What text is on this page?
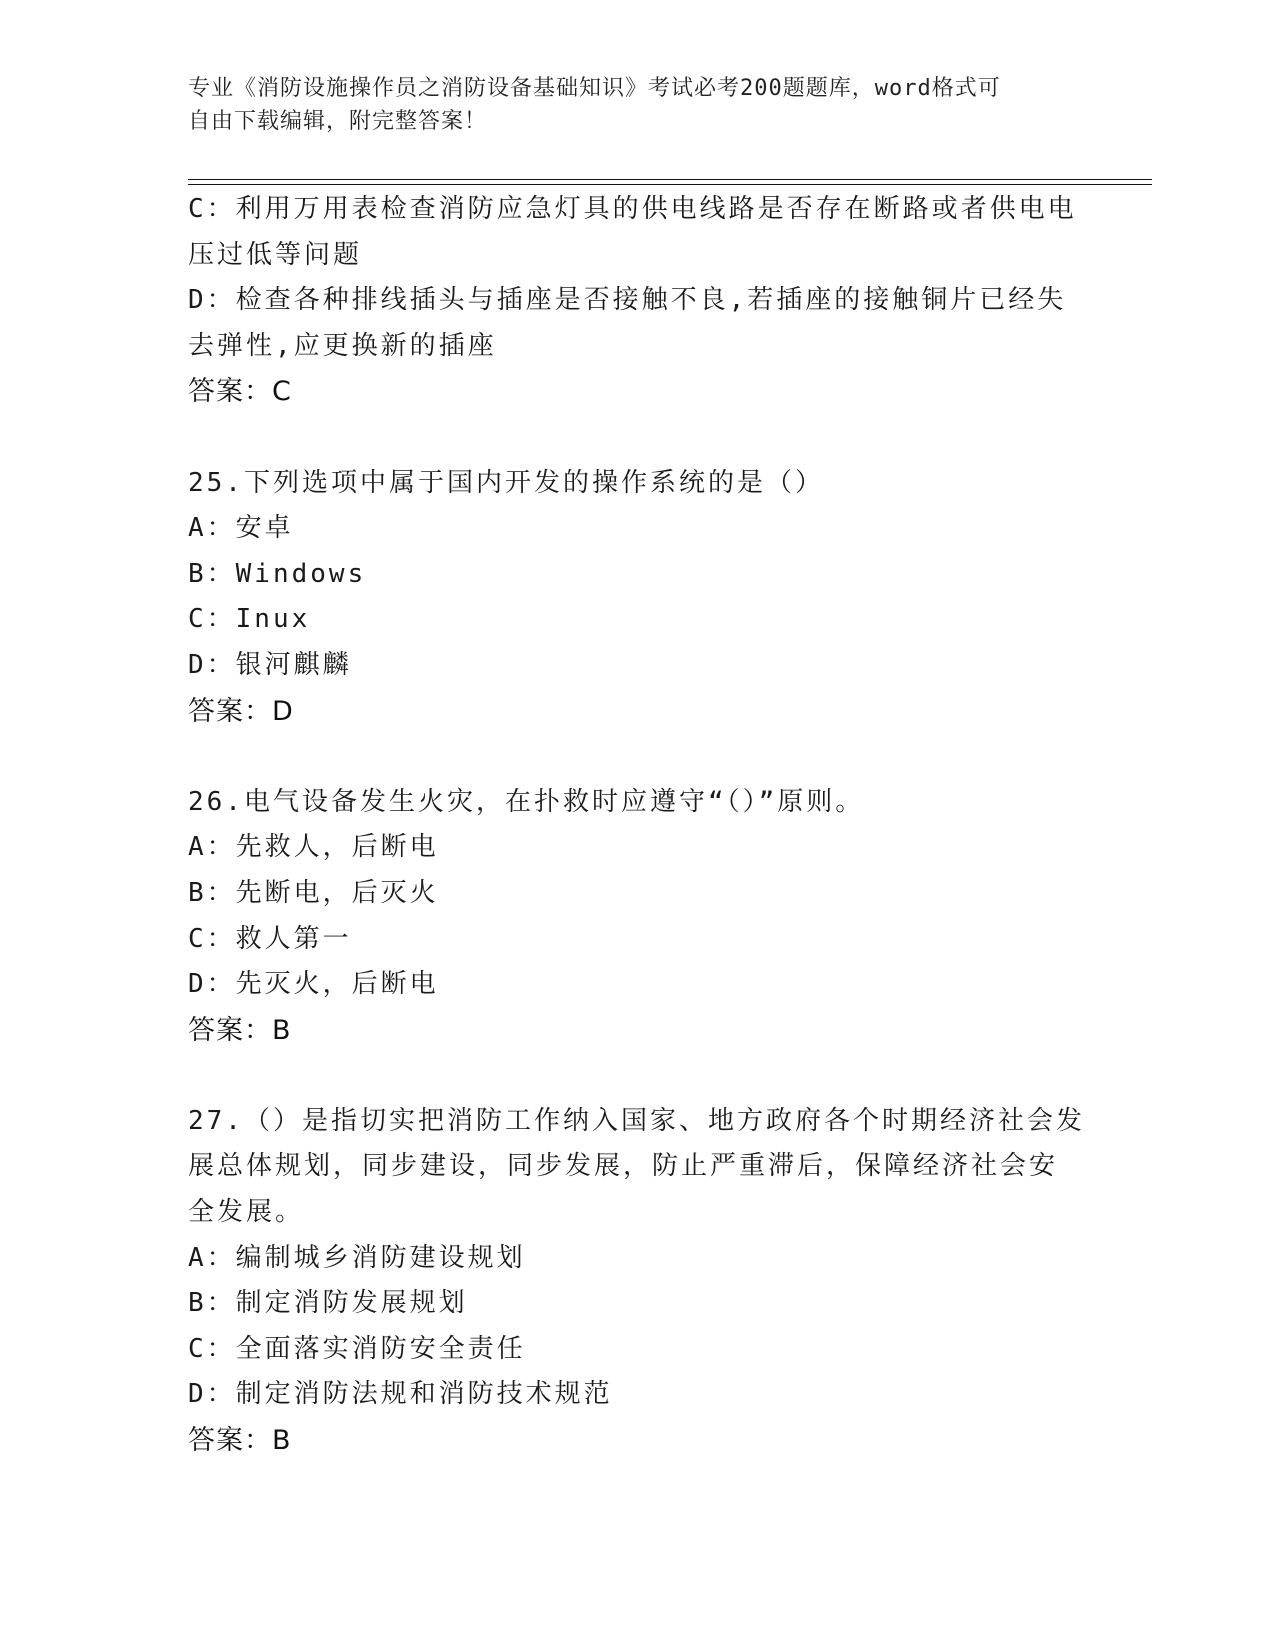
专业《消防设施操作员之消防设备基础知识》考试必考200题题库，word格式可
自由下载编辑，附完整答案！
C：利用万用表检查消防应急灯具的供电线路是否存在断路或者供电电
压过低等问题
D：检查各种排线插头与插座是否接触不良,若插座的接触铜片已经失
去弹性,应更换新的插座
答案：C
25.下列选项中属于国内开发的操作系统的是（）
A：安卓
B：Windows
C：Inux
D：银河麒麟
答案：D
26.电气设备发生火灾，在扑救时应遵守“（）”原则。
A：先救人，后断电
B：先断电，后灭火
C：救人第一
D：先灭火，后断电
答案：B
27.（）是指切实把消防工作纳入国家、地方政府各个时期经济社会发
展总体规划，同步建设，同步发展，防止严重滞后，保障经济社会安
全发展。
A：编制城乡消防建设规划
B：制定消防发展规划
C：全面落实消防安全责任
D：制定消防法规和消防技术规范
答案：B
